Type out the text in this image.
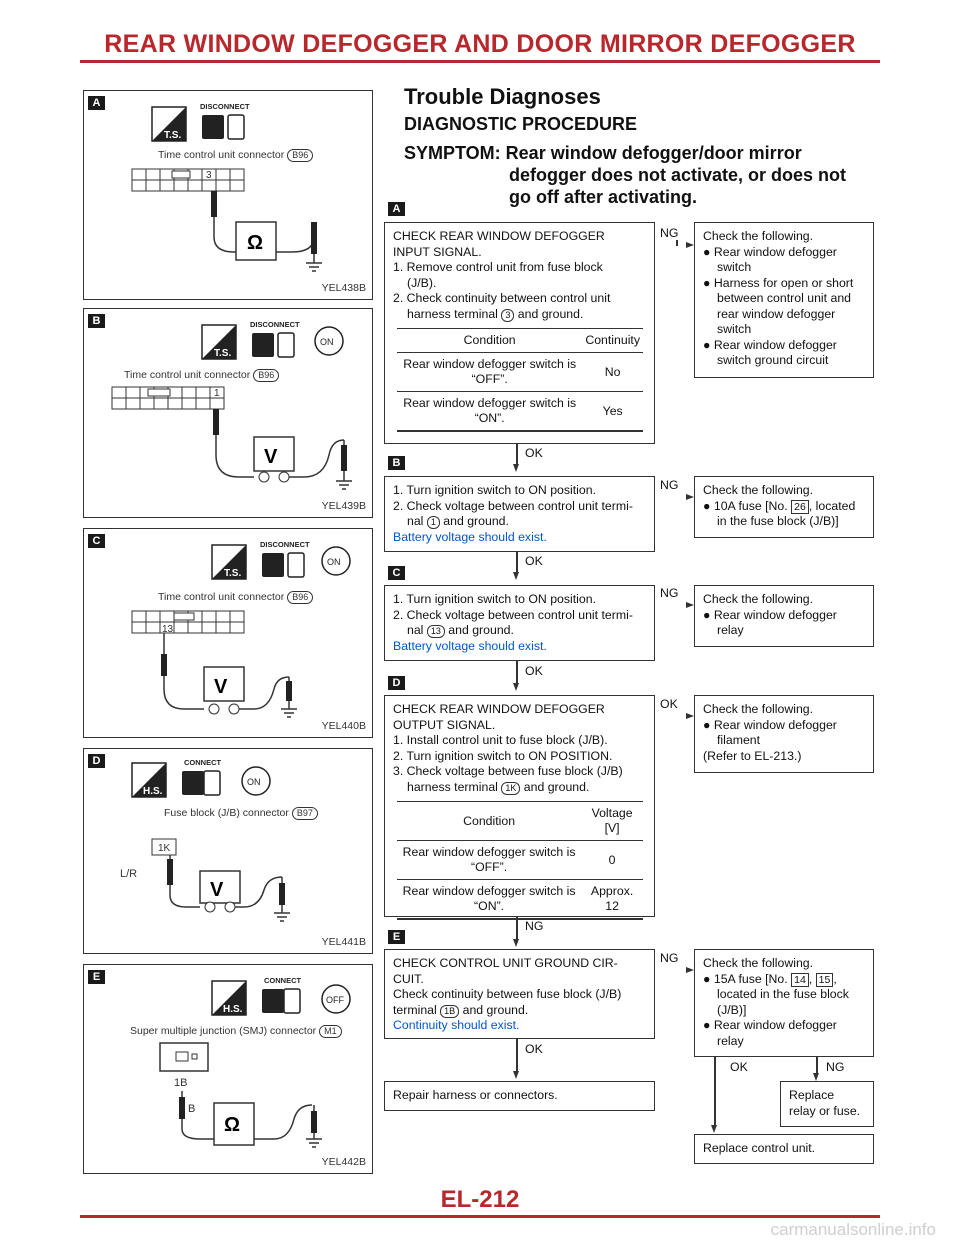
REAR WINDOW DEFOGGER AND DOOR MIRROR DEFOGGER
A
T.S.
DISCONNECT
Time control unit connector B96
3
Ω
YEL438B
B
T.S.
DISCONNECT
ON
Time control unit connector B96
1
V
YEL439B
C
T.S.
DISCONNECT
ON
Time control unit connector B96
13
V
YEL440B
D
H.S.
CONNECT
ON
Fuse block (J/B) connector B97
1K
L/R
V
YEL441B
E
H.S.
CONNECT
OFF
Super multiple junction (SMJ) connector M1
1B
B
Ω
YEL442B
Trouble Diagnoses
DIAGNOSTIC PROCEDURE
SYMPTOM: Rear window defogger/door mirror
defogger does not activate, or does not
go off after activating.
A
CHECK REAR WINDOW DEFOGGER
INPUT SIGNAL.
1. Remove control unit from fuse block
(J/B).
2. Check continuity between control unit
harness terminal 3 and ground.
Condition	Continuity
Rear window defogger switch is “OFF”.	No
Rear window defogger switch is “ON”.	Yes
NG Check the following.
● Rear window defogger
switch
● Harness for open or short
between control unit and
rear window defogger
switch
● Rear window defogger
switch ground circuit
OK
B
1. Turn ignition switch to ON position.
2. Check voltage between control unit termi-
nal 1 and ground.
Battery voltage should exist.
NG Check the following.
● 10A fuse [No. 26 , located
in the fuse block (J/B)]
OK
C
1. Turn ignition switch to ON position.
2. Check voltage between control unit termi-
nal 13 and ground.
Battery voltage should exist.
NG Check the following.
● Rear window defogger
relay
OK
D
CHECK REAR WINDOW DEFOGGER
OUTPUT SIGNAL.
1. Install control unit to fuse block (J/B).
2. Turn ignition switch to ON POSITION.
3. Check voltage between fuse block (J/B)
harness terminal 1K and ground.
Condition	Voltage [V]
Rear window defogger switch is “OFF”.	0
Rear window defogger switch is “ON”.	Approx. 12
OK Check the following.
● Rear window defogger
filament
(Refer to EL-213.)
NG
E
CHECK CONTROL UNIT GROUND CIR-
CUIT.
Check continuity between fuse block (J/B)
terminal 1B and ground.
Continuity should exist.
NG Check the following.
● 15A fuse [No. 14 , 15 ,
located in the fuse block
(J/B)]
● Rear window defogger
relay
OK
OK	NG
Repair harness or connectors.	Replace
relay or fuse.
Replace control unit.
EL-212
carmanualsonline.info
